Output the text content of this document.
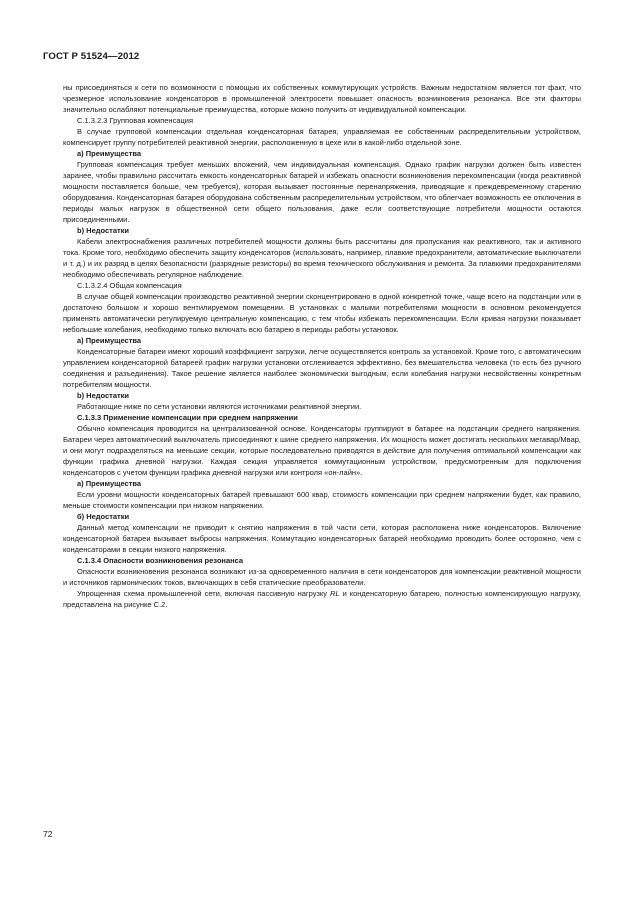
ГОСТ Р 51524—2012

ны присоединяться к сети по возможности с помощью их собственных коммутирующих устройств. Важным недостатком является тот факт, что чрезмерное использование конденсаторов в промышленной электросети повышает опасность возникновения резонанса. Все эти факторы значительно ослабляют потенциальные преимущества, которые можно получить от индивидуальной компенсации.

С.1.3.2.3 Групповая компенсация

В случае групповой компенсации отдельная конденсаторная батарея, управляемая ее собственным распределительным устройством, компенсирует группу потребителей реактивной энергии, расположенную в цехе или в какой-либо отдельной зоне.

а) Преимущества

Групповая компенсация требует меньших вложений, чем индивидуальная компенсация. Однако график нагрузки должен быть известен заранее, чтобы правильно рассчитать емкость конденсаторных батарей и избежать опасности возникновения перекомпенсации (когда реактивной мощности поставляется больше, чем требуется), которая вызывает постоянные перенапряжения, приводящие к преждевременному старению оборудования. Конденсаторная батарея оборудована собственным распределительным устройством, что облегчает возможность ее отключения в периоды малых нагрузок в общественной сети общего пользования, даже если соответствующие потребители мощности остаются присоединенными.

b) Недостатки

Кабели электроснабжения различных потребителей мощности должны быть рассчитаны для пропускания как реактивного, так и активного тока. Кроме того, необходимо обеспечить защиту конденсаторов (использовать, например, плавкие предохранители, автоматические выключатели и т. д.) и их разряд в целях безопасности (разрядные резисторы) во время технического обслуживания и ремонта. За плавкими предохранителями необходимо обеспечивать регулярное наблюдение.

С.1.3.2.4 Общая компенсация

В случае общей компенсации производство реактивной энергии сконцентрировано в одной конкретной точке, чаще всего на подстанции или в достаточно большом и хорошо вентилируемом помещении. В установках с малыми потребителями мощности в основном рекомендуется применять автоматически регулируемую центральную компенсацию, с тем чтобы избежать перекомпенсации. Если кривая нагрузки показывает небольшие колебания, необходимо только включать всю батарею в периоды работы установок.

а) Преимущества

Конденсаторные батареи имеют хороший коэффициент загрузки, легче осуществляется контроль за установкой. Кроме того, с автоматическим управлением конденсаторной батареей график нагрузки установки отслеживается эффективно, без вмешательства человека (то есть без ручного соединения и разъединения). Такое решение является наиболее экономически выгодным, если колебания нагрузки несвойственны конкретным потребителям мощности.

b) Недостатки

Работающие ниже по сети установки являются источниками реактивной энергии.

С.1.3.3 Применение компенсации при среднем напряжении

Обычно компенсация проводится на централизованной основе. Конденсаторы группируют в батарее на подстанции среднего напряжения. Батареи через автоматический выключатель присоединяют к шине среднего напряжения. Их мощность может достигать нескольких мегавар/Мвар, и они могут подразделяться на меньшие секции, которые последовательно приводятся в действие для получения оптимальной компенсации как функции графика дневной нагрузки. Каждая секция управляется коммутационным устройством, предусмотренным для подключения конденсаторов с учетом функции графика дневной нагрузки или контроля «он-лайн».

а) Преимущества

Если уровни мощности конденсаторных батарей превышают 600 квар, стоимость компенсации при среднем напряжении будет, как правило, меньше стоимости компенсации при низком напряжении.

б) Недостатки

Данный метод компенсации не приводит к снятию напряжения в той части сети, которая расположена ниже конденсаторов. Включение конденсаторной батареи вызывает выбросы напряжения. Коммутацию конденсаторных батарей необходимо проводить более осторожно, чем с конденсаторами в секции низкого напряжения.

С.1.3.4 Опасности возникновения резонанса

Опасности возникновения резонанса возникают из-за одновременного наличия в сети конденсаторов для компенсации реактивной мощности и источников гармонических токов, включающих в себя статические преобразователи.

Упрощенная схема промышленной сети, включая пассивную нагрузку RL и конденсаторную батарею, полностью компенсирующую нагрузку, представлена на рисунке С.2.

72
